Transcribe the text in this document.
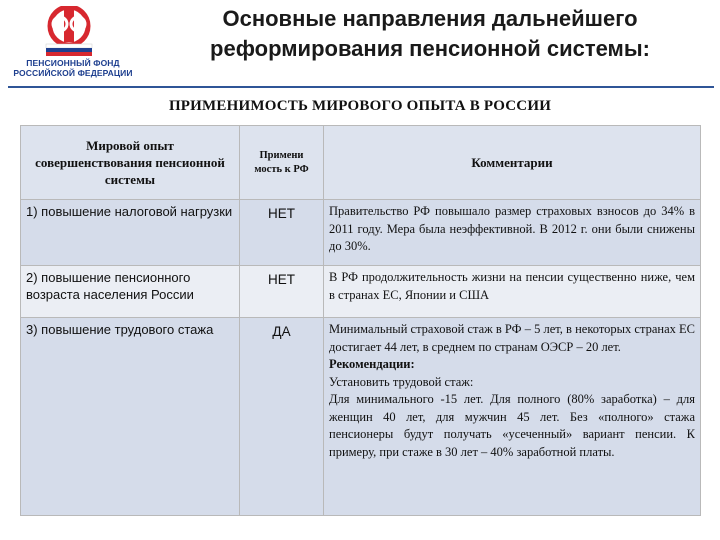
ПЕНСИОННЫЙ ФОНД
РОССИЙСКОЙ ФЕДЕРАЦИИ
Основные направления дальнейшего
реформирования пенсионной системы:
ПРИМЕНИМОСТЬ МИРОВОГО ОПЫТА В РОССИИ
Мировой опыт совершенствования пенсионной системы	Примени мость к РФ	Комментарии
1) повышение налоговой нагрузки	НЕТ	Правительство РФ повышало размер страховых взносов до 34% в 2011 году. Мера была неэффективной. В 2012 г. они были снижены до 30%.
2) повышение пенсионного возраста населения России	НЕТ	В РФ продолжительность жизни на пенсии существенно ниже, чем в странах ЕС, Японии и США
3) повышение трудового стажа	ДА	Минимальный страховой стаж в РФ – 5 лет, в некоторых странах ЕС достигает 44 лет, в среднем по странам ОЭСР – 20 лет.
Рекомендации:
Установить трудовой стаж:
Для минимального -15 лет. Для полного (80% заработка) – для женщин 40 лет, для мужчин 45 лет. Без «полного» стажа пенсионеры будут получать «усеченный» вариант пенсии. К примеру, при стаже в 30 лет – 40% заработной платы.
